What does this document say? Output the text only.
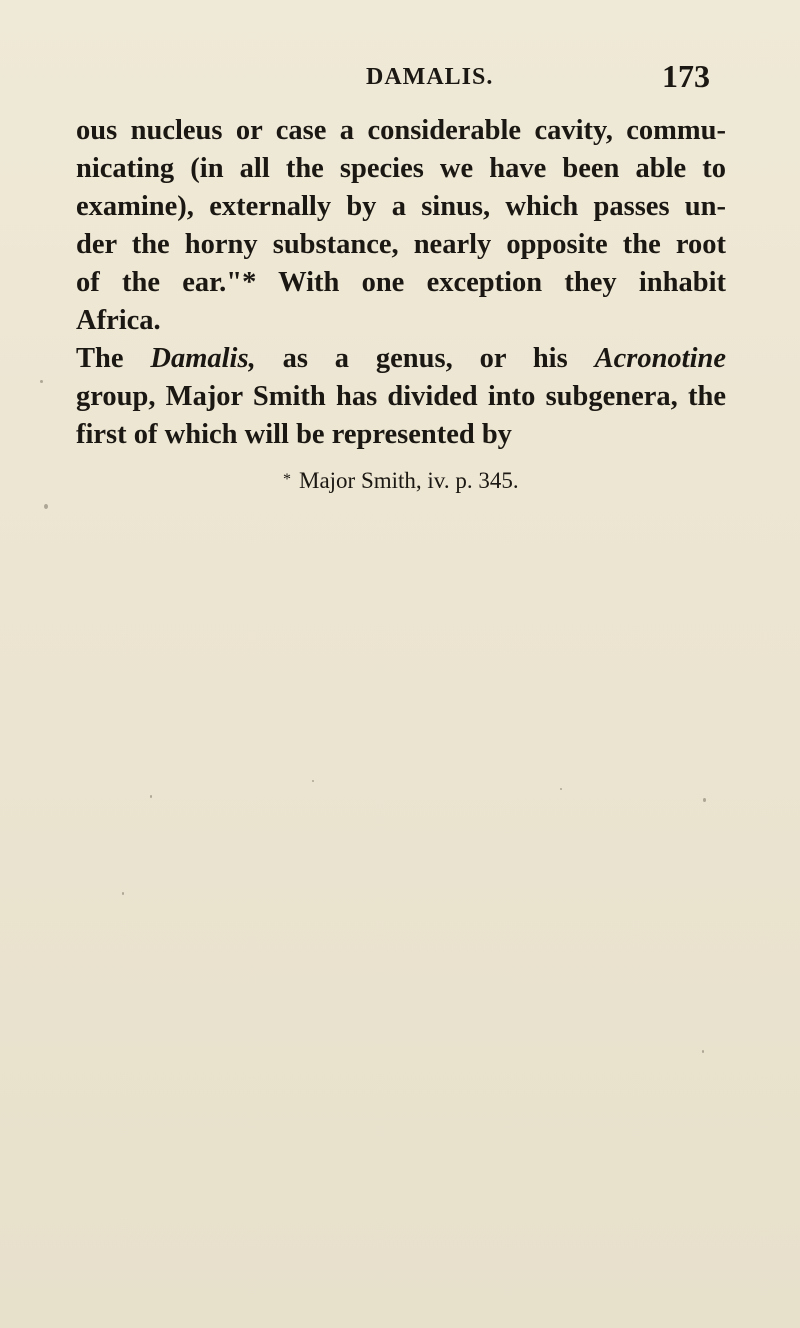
DAMALIS.	173
ous nucleus or case a considerable cavity, commu-
nicating (in all the species we have been able to
examine), externally by a sinus, which passes un-
der the horny substance, nearly opposite the root
of the ear."* With one exception they inhabit
Africa.
The Damalis, as a genus, or his Acronotine
group, Major Smith has divided into subgenera, the
first of which will be represented by
* Major Smith, iv. p. 345.
